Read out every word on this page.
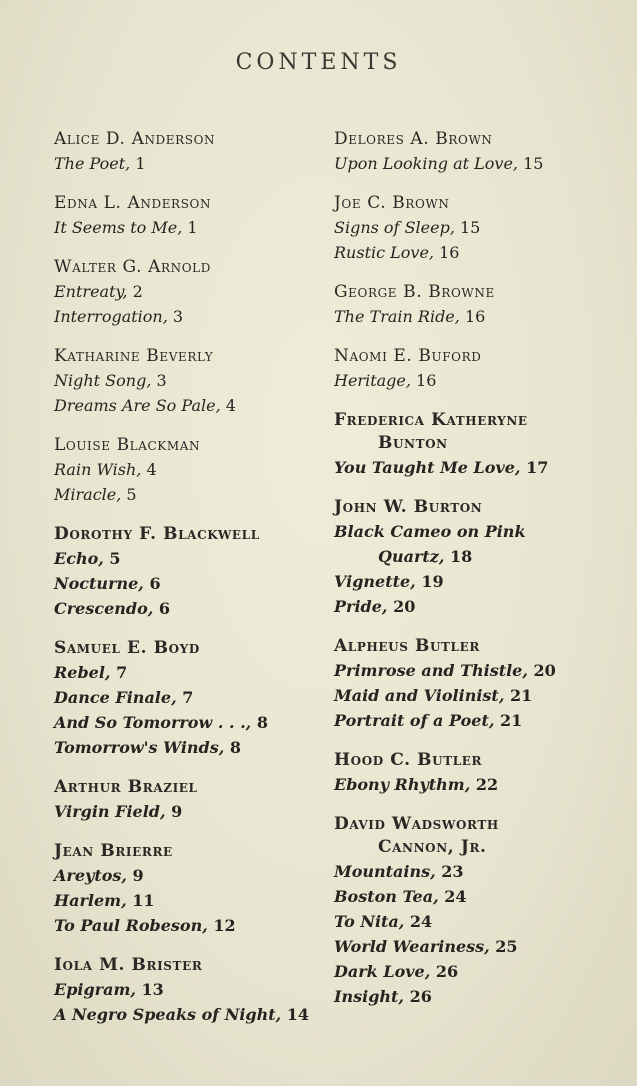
CONTENTS
Alice D. Anderson
The Poet, 1
Edna L. Anderson
It Seems to Me, 1
Walter G. Arnold
Entreaty, 2
Interrogation, 3
Katharine Beverly
Night Song, 3
Dreams Are So Pale, 4
Louise Blackman
Rain Wish, 4
Miracle, 5
Dorothy F. Blackwell
Echo, 5
Nocturne, 6
Crescendo, 6
Samuel E. Boyd
Rebel, 7
Dance Finale, 7
And So Tomorrow . . ., 8
Tomorrow's Winds, 8
Arthur Braziel
Virgin Field, 9
Jean Brierre
Areytos, 9
Harlem, 11
To Paul Robeson, 12
Iola M. Brister
Epigram, 13
A Negro Speaks of Night, 14
Delores A. Brown
Upon Looking at Love, 15
Joe C. Brown
Signs of Sleep, 15
Rustic Love, 16
George B. Browne
The Train Ride, 16
Naomi E. Buford
Heritage, 16
Frederica Katheryne
Bunton
You Taught Me Love, 17
John W. Burton
Black Cameo on Pink
Quartz, 18
Vignette, 19
Pride, 20
Alpheus Butler
Primrose and Thistle, 20
Maid and Violinist, 21
Portrait of a Poet, 21
Hood C. Butler
Ebony Rhythm, 22
David Wadsworth
Cannon, Jr.
Mountains, 23
Boston Tea, 24
To Nita, 24
World Weariness, 25
Dark Love, 26
Insight, 26
